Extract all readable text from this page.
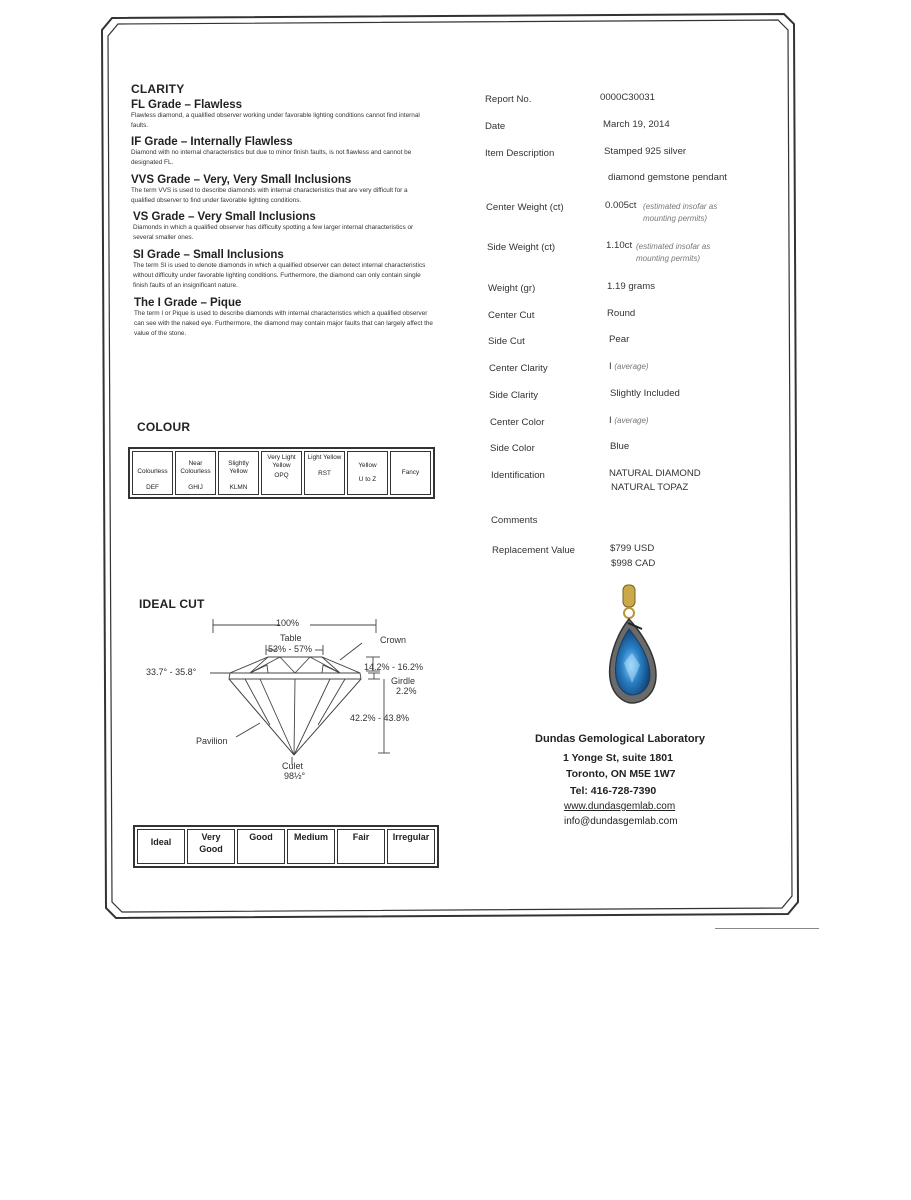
CLARITY
FL Grade – Flawless
Flawless diamond, a qualified observer working under favorable lighting conditions cannot find internal faults.
IF Grade – Internally Flawless
Diamond with no internal characteristics but due to minor finish faults, is not flawless and cannot be designated FL.
VVS Grade – Very, Very Small Inclusions
The term VVS is used to describe diamonds with internal characteristics that are very difficult for a qualified observer to find under favorable lighting conditions.
VS Grade – Very Small Inclusions
Diamonds in which a qualified observer has difficulty spotting a few larger internal characteristics or several smaller ones.
SI Grade – Small Inclusions
The term SI is used to denote diamonds in which a qualified observer can detect internal characteristics without difficulty under favorable lighting conditions. Furthermore, the diamond can only contain single finish faults of an insignificant nature.
The I Grade – Pique
The term I or Pique is used to describe diamonds with internal characteristics which a qualified observer can see with the naked eye. Furthermore, the diamond may contain major faults that can largely affect the value of the stone.
COLOUR
Colourless
DEF

Near Colourless
GHIJ

Slightly Yellow
KLMN

Very Light Yellow
OPQ

Light Yellow
RST

Yellow
U to Z

Fancy
IDEAL CUT
100%
Table
53% - 57%
Crown
33.7° - 35.8°	14.2% - 16.2%
Girdle
2.2%
42.2% - 43.8%
Pavilion
Culet
98½°
Ideal	Very Good	Good	Medium	Fair	Irregular
Report No.	0000C30031
Date	March 19, 2014
Item Description	Stamped 925 silver
diamond gemstone pendant
Center Weight (ct)	0.005ct (estimated insofar as mounting permits)
Side Weight (ct)	1.10ct (estimated insofar as mounting permits)
Weight (gr)	1.19 grams
Center Cut	Round
Side Cut	Pear
Center Clarity	I (average)
Side Clarity	Slightly Included
Center Color	I (average)
Side Color	Blue
Identification	NATURAL DIAMOND
NATURAL TOPAZ
Comments
Replacement Value	$799 USD
$998 CAD
Dundas Gemological Laboratory
1 Yonge St, suite 1801
Toronto, ON M5E 1W7
Tel: 416-728-7390
www.dundasgemlab.com
info@dundasgemlab.com
